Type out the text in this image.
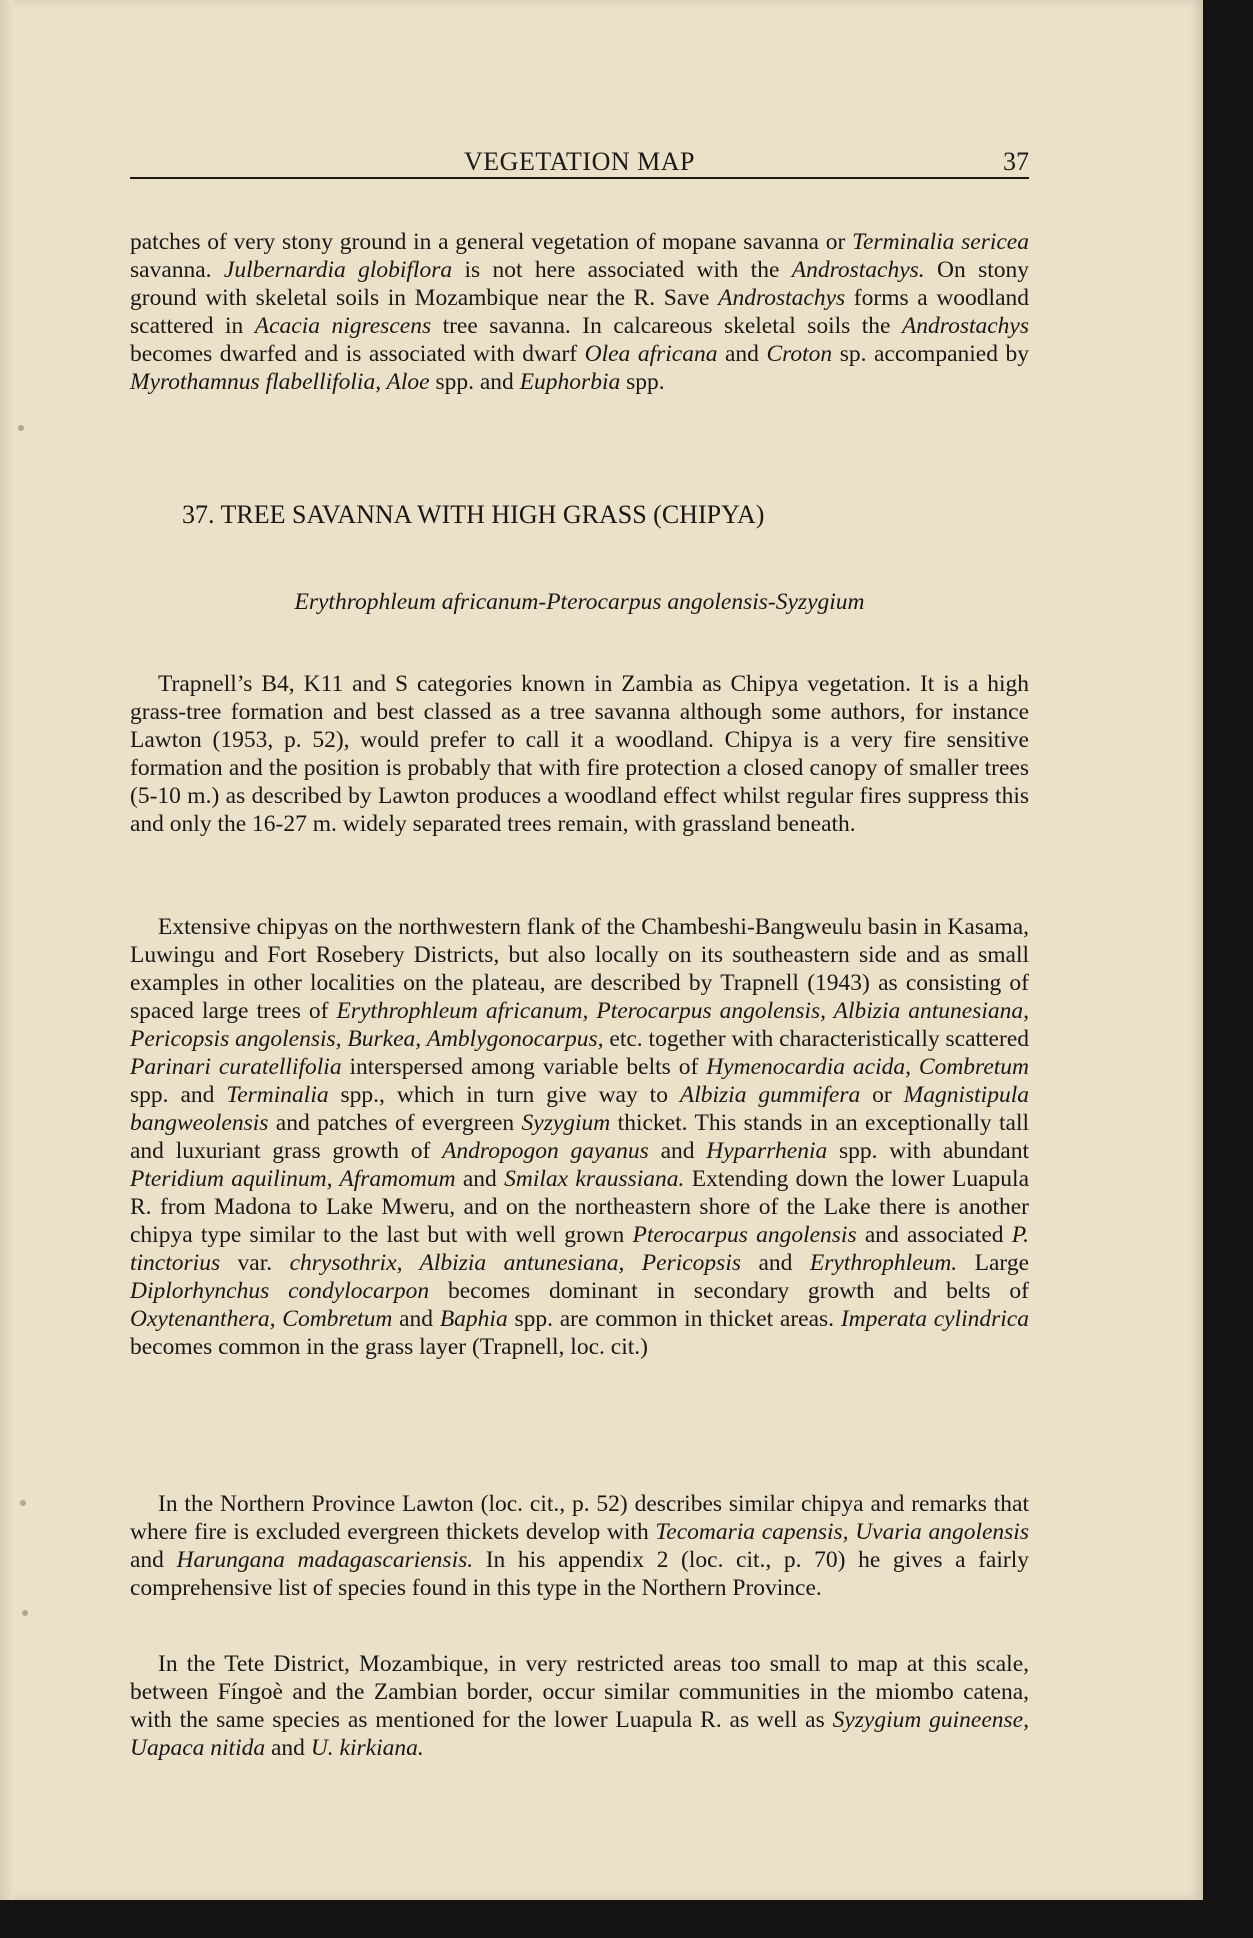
VEGETATION MAP	37

patches of very stony ground in a general vegetation of mopane savanna or Terminalia sericea savanna. Julbernardia globiflora is not here associated with the Androstachys. On stony ground with skeletal soils in Mozambique near the R. Save Androstachys forms a woodland scattered in Acacia nigrescens tree savanna. In calcareous skeletal soils the Androstachys becomes dwarfed and is associated with dwarf Olea africana and Croton sp. accompanied by Myrothamnus flabellifolia, Aloe spp. and Euphorbia spp.

37. TREE SAVANNA WITH HIGH GRASS (CHIPYA)
Erythrophleum africanum-Pterocarpus angolensis-Syzygium

Trapnell’s B4, K11 and S categories known in Zambia as Chipya vegetation. It is a high grass-tree formation and best classed as a tree savanna although some authors, for instance Lawton (1953, p. 52), would prefer to call it a woodland. Chipya is a very fire sensitive formation and the position is probably that with fire protection a closed canopy of smaller trees (5-10 m.) as described by Lawton produces a woodland effect whilst regular fires suppress this and only the 16-27 m. widely separated trees remain, with grassland beneath.

Extensive chipyas on the northwestern flank of the Chambeshi-Bangweulu basin in Kasama, Luwingu and Fort Rosebery Districts, but also locally on its southeastern side and as small examples in other localities on the plateau, are described by Trapnell (1943) as consisting of spaced large trees of Erythrophleum africanum, Pterocarpus angolensis, Albizia antunesiana, Pericopsis angolensis, Burkea, Amblygonocarpus, etc. together with characteristically scattered Parinari curatellifolia interspersed among variable belts of Hymenocardia acida, Combretum spp. and Terminalia spp., which in turn give way to Albizia gummifera or Magnistipula bangweolensis and patches of evergreen Syzygium thicket. This stands in an exceptionally tall and luxuriant grass growth of Andropogon gayanus and Hyparrhenia spp. with abundant Pteridium aquilinum, Aframomum and Smilax kraussiana. Extending down the lower Luapula R. from Madona to Lake Mweru, and on the northeastern shore of the Lake there is another chipya type similar to the last but with well grown Pterocarpus angolensis and associated P. tinctorius var. chrysothrix, Albizia antunesiana, Pericopsis and Erythrophleum. Large Diplorhynchus condylocarpon becomes dominant in secondary growth and belts of Oxytenanthera, Combretum and Baphia spp. are common in thicket areas. Imperata cylindrica becomes common in the grass layer (Trapnell, loc. cit.)

In the Northern Province Lawton (loc. cit., p. 52) describes similar chipya and remarks that where fire is excluded evergreen thickets develop with Tecomaria capensis, Uvaria angolensis and Harungana madagascariensis. In his appendix 2 (loc. cit., p. 70) he gives a fairly comprehensive list of species found in this type in the Northern Province.

In the Tete District, Mozambique, in very restricted areas too small to map at this scale, between Fíngoè and the Zambian border, occur similar communities in the miombo catena, with the same species as mentioned for the lower Luapula R. as well as Syzygium guineense, Uapaca nitida and U. kirkiana.
